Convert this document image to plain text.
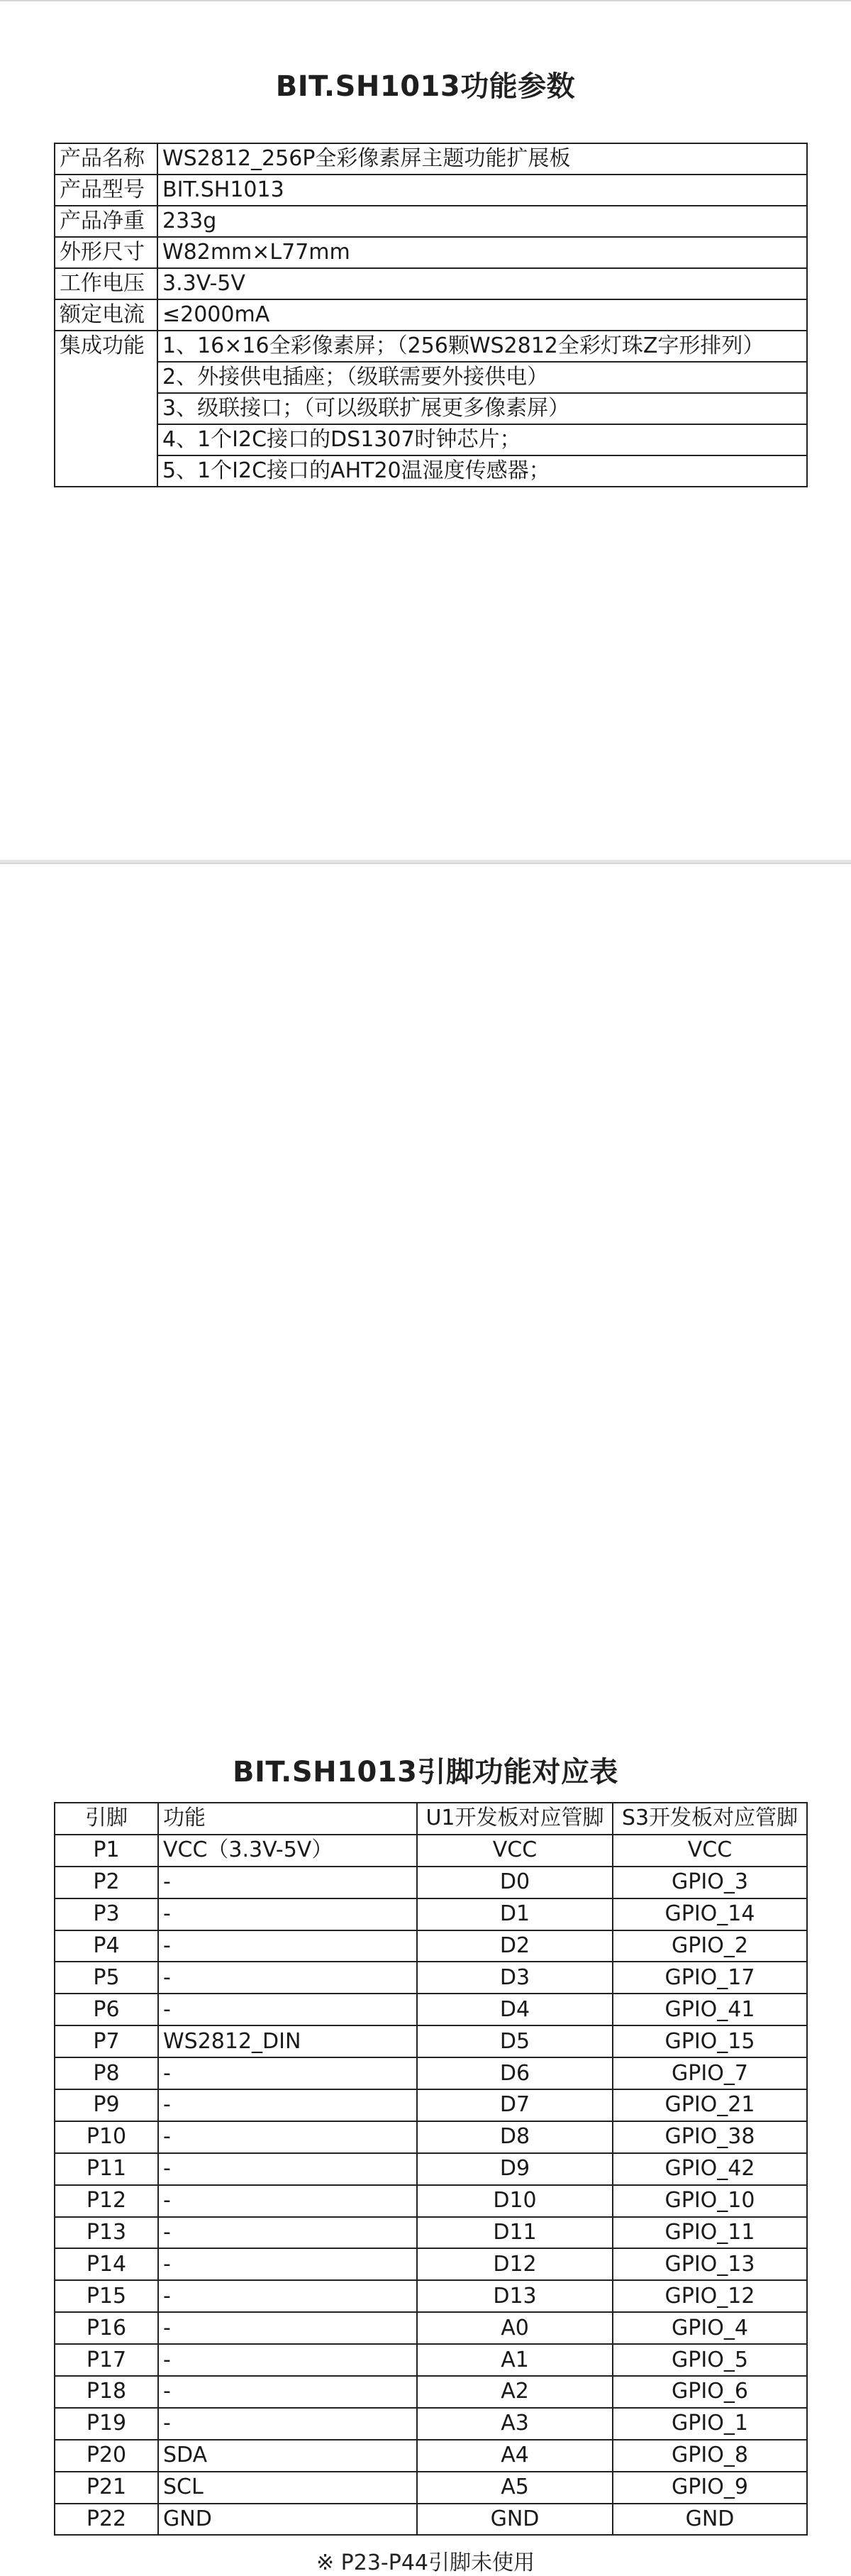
BIT.SH1013功能参数
产品名称	WS2812_256P全彩像素屏主题功能扩展板
产品型号	BIT.SH1013
产品净重	233g
外形尺寸	W82mm×L77mm
工作电压	3.3V-5V
额定电流	≤2000mA
集成功能	1、16×16全彩像素屏；（256颗WS2812全彩灯珠Z字形排列）
	2、外接供电插座；（级联需要外接供电）
	3、级联接口；（可以级联扩展更多像素屏）
	4、1个I2C接口的DS1307时钟芯片；
	5、1个I2C接口的AHT20温湿度传感器；
BIT.SH1013引脚功能对应表
引脚	功能	U1开发板对应管脚	S3开发板对应管脚
P1	VCC（3.3V-5V）	VCC	VCC
P2	-	D0	GPIO_3
P3	-	D1	GPIO_14
P4	-	D2	GPIO_2
P5	-	D3	GPIO_17
P6	-	D4	GPIO_41
P7	WS2812_DIN	D5	GPIO_15
P8	-	D6	GPIO_7
P9	-	D7	GPIO_21
P10	-	D8	GPIO_38
P11	-	D9	GPIO_42
P12	-	D10	GPIO_10
P13	-	D11	GPIO_11
P14	-	D12	GPIO_13
P15	-	D13	GPIO_12
P16	-	A0	GPIO_4
P17	-	A1	GPIO_5
P18	-	A2	GPIO_6
P19	-	A3	GPIO_1
P20	SDA	A4	GPIO_8
P21	SCL	A5	GPIO_9
P22	GND	GND	GND
※ P23-P44引脚未使用
